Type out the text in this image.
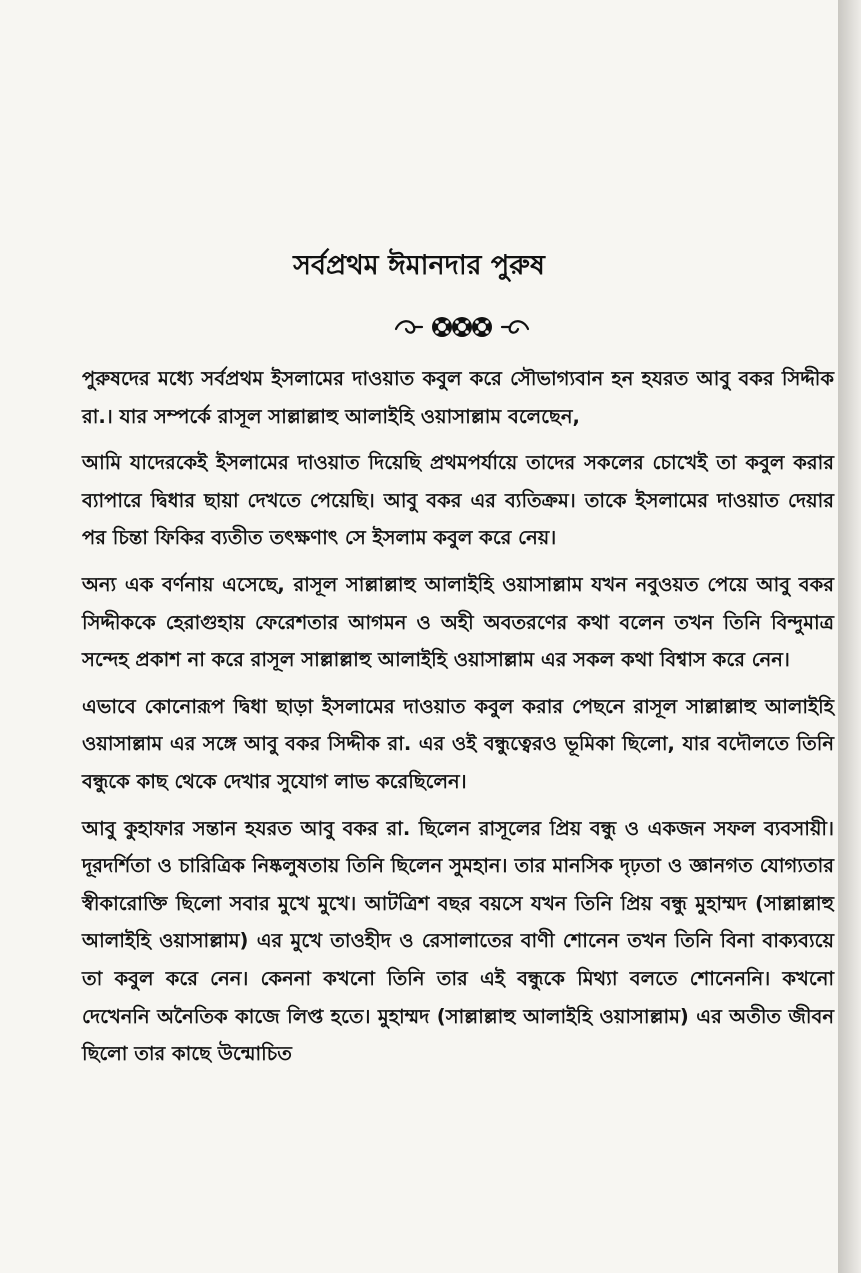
সর্বপ্রথম ঈমানদার পুরুষ

পুরুষদের মধ্যে সর্বপ্রথম ইসলামের দাওয়াত কবুল করে সৌভাগ্যবান হন হযরত আবু বকর সিদ্দীক রা.। যার সম্পর্কে রাসূল সাল্লাল্লাহু আলাইহি ওয়াসাল্লাম বলেছেন,

আমি যাদেরকেই ইসলামের দাওয়াত দিয়েছি প্রথমপর্যায়ে তাদের সকলের চোখেই তা কবুল করার ব্যাপারে দ্বিধার ছায়া দেখতে পেয়েছি। আবু বকর এর ব্যতিক্রম। তাকে ইসলামের দাওয়াত দেয়ার পর চিন্তা ফিকির ব্যতীত তৎক্ষণাৎ সে ইসলাম কবুল করে নেয়।

অন্য এক বর্ণনায় এসেছে, রাসূল সাল্লাল্লাহু আলাইহি ওয়াসাল্লাম যখন নবুওয়ত পেয়ে আবু বকর সিদ্দীককে হেরাগুহায় ফেরেশতার আগমন ও অহী অবতরণের কথা বলেন তখন তিনি বিন্দুমাত্র সন্দেহ প্রকাশ না করে রাসূল সাল্লাল্লাহু আলাইহি ওয়াসাল্লাম এর সকল কথা বিশ্বাস করে নেন।

এভাবে কোনোরূপ দ্বিধা ছাড়া ইসলামের দাওয়াত কবুল করার পেছনে রাসূল সাল্লাল্লাহু আলাইহি ওয়াসাল্লাম এর সঙ্গে আবু বকর সিদ্দীক রা. এর ওই বন্ধুত্বেরও ভূমিকা ছিলো, যার বদৌলতে তিনি বন্ধুকে কাছ থেকে দেখার সুযোগ লাভ করেছিলেন।

আবু কুহাফার সন্তান হযরত আবু বকর রা. ছিলেন রাসূলের প্রিয় বন্ধু ও একজন সফল ব্যবসায়ী। দূরদর্শিতা ও চারিত্রিক নিষ্কলুষতায় তিনি ছিলেন সুমহান। তার মানসিক দৃঢ়তা ও জ্ঞানগত যোগ্যতার স্বীকারোক্তি ছিলো সবার মুখে মুখে। আটত্রিশ বছর বয়সে যখন তিনি প্রিয় বন্ধু মুহাম্মদ (সাল্লাল্লাহু আলাইহি ওয়াসাল্লাম) এর মুখে তাওহীদ ও রেসালাতের বাণী শোনেন তখন তিনি বিনা বাক্যব্যয়ে তা কবুল করে নেন। কেননা কখনো তিনি তার এই বন্ধুকে মিথ্যা বলতে শোনেননি। কখনো দেখেননি অনৈতিক কাজে লিপ্ত হতে। মুহাম্মদ (সাল্লাল্লাহু আলাইহি ওয়াসাল্লাম) এর অতীত জীবন ছিলো তার কাছে উন্মোচিত
